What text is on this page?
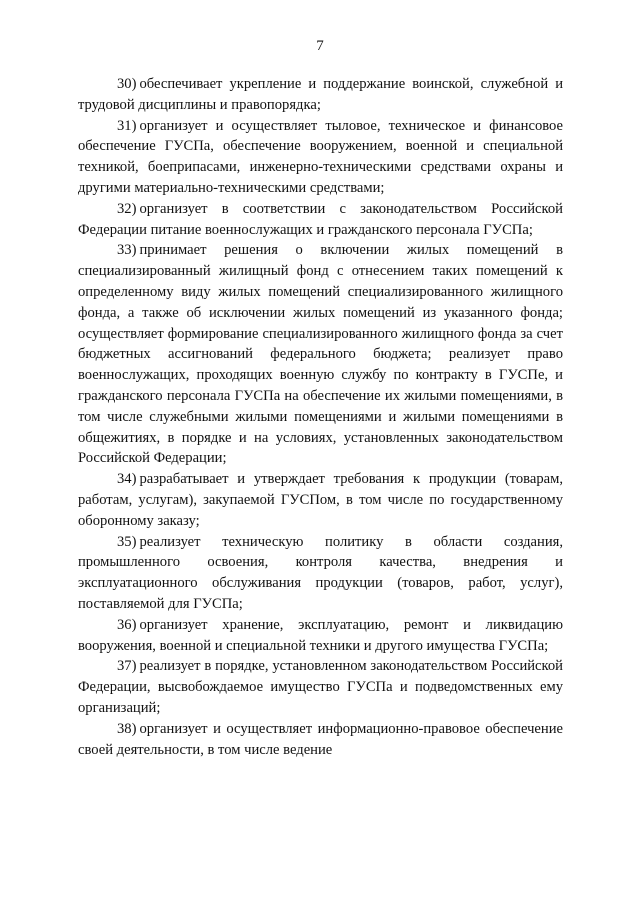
7

30) обеспечивает укрепление и поддержание воинской, служебной и трудовой дисциплины и правопорядка;

31) организует и осуществляет тыловое, техническое и финансовое обеспечение ГУСПа, обеспечение вооружением, военной и специальной техникой, боеприпасами, инженерно-техническими средствами охраны и другими материально-техническими средствами;

32) организует в соответствии с законодательством Российской Федерации питание военнослужащих и гражданского персонала ГУСПа;

33) принимает решения о включении жилых помещений в специализированный жилищный фонд с отнесением таких помещений к определенному виду жилых помещений специализированного жилищного фонда, а также об исключении жилых помещений из указанного фонда; осуществляет формирование специализированного жилищного фонда за счет бюджетных ассигнований федерального бюджета; реализует право военнослужащих, проходящих военную службу по контракту в ГУСПе, и гражданского персонала ГУСПа на обеспечение их жилыми помещениями, в том числе служебными жилыми помещениями и жилыми помещениями в общежитиях, в порядке и на условиях, установленных законодательством Российской Федерации;

34) разрабатывает и утверждает требования к продукции (товарам, работам, услугам), закупаемой ГУСПом, в том числе по государственному оборонному заказу;

35) реализует техническую политику в области создания, промышленного освоения, контроля качества, внедрения и эксплуатационного обслуживания продукции (товаров, работ, услуг), поставляемой для ГУСПа;

36) организует хранение, эксплуатацию, ремонт и ликвидацию вооружения, военной и специальной техники и другого имущества ГУСПа;

37) реализует в порядке, установленном законодательством Российской Федерации, высвобождаемое имущество ГУСПа и подведомственных ему организаций;

38) организует и осуществляет информационно-правовое обеспечение своей деятельности, в том числе ведение
